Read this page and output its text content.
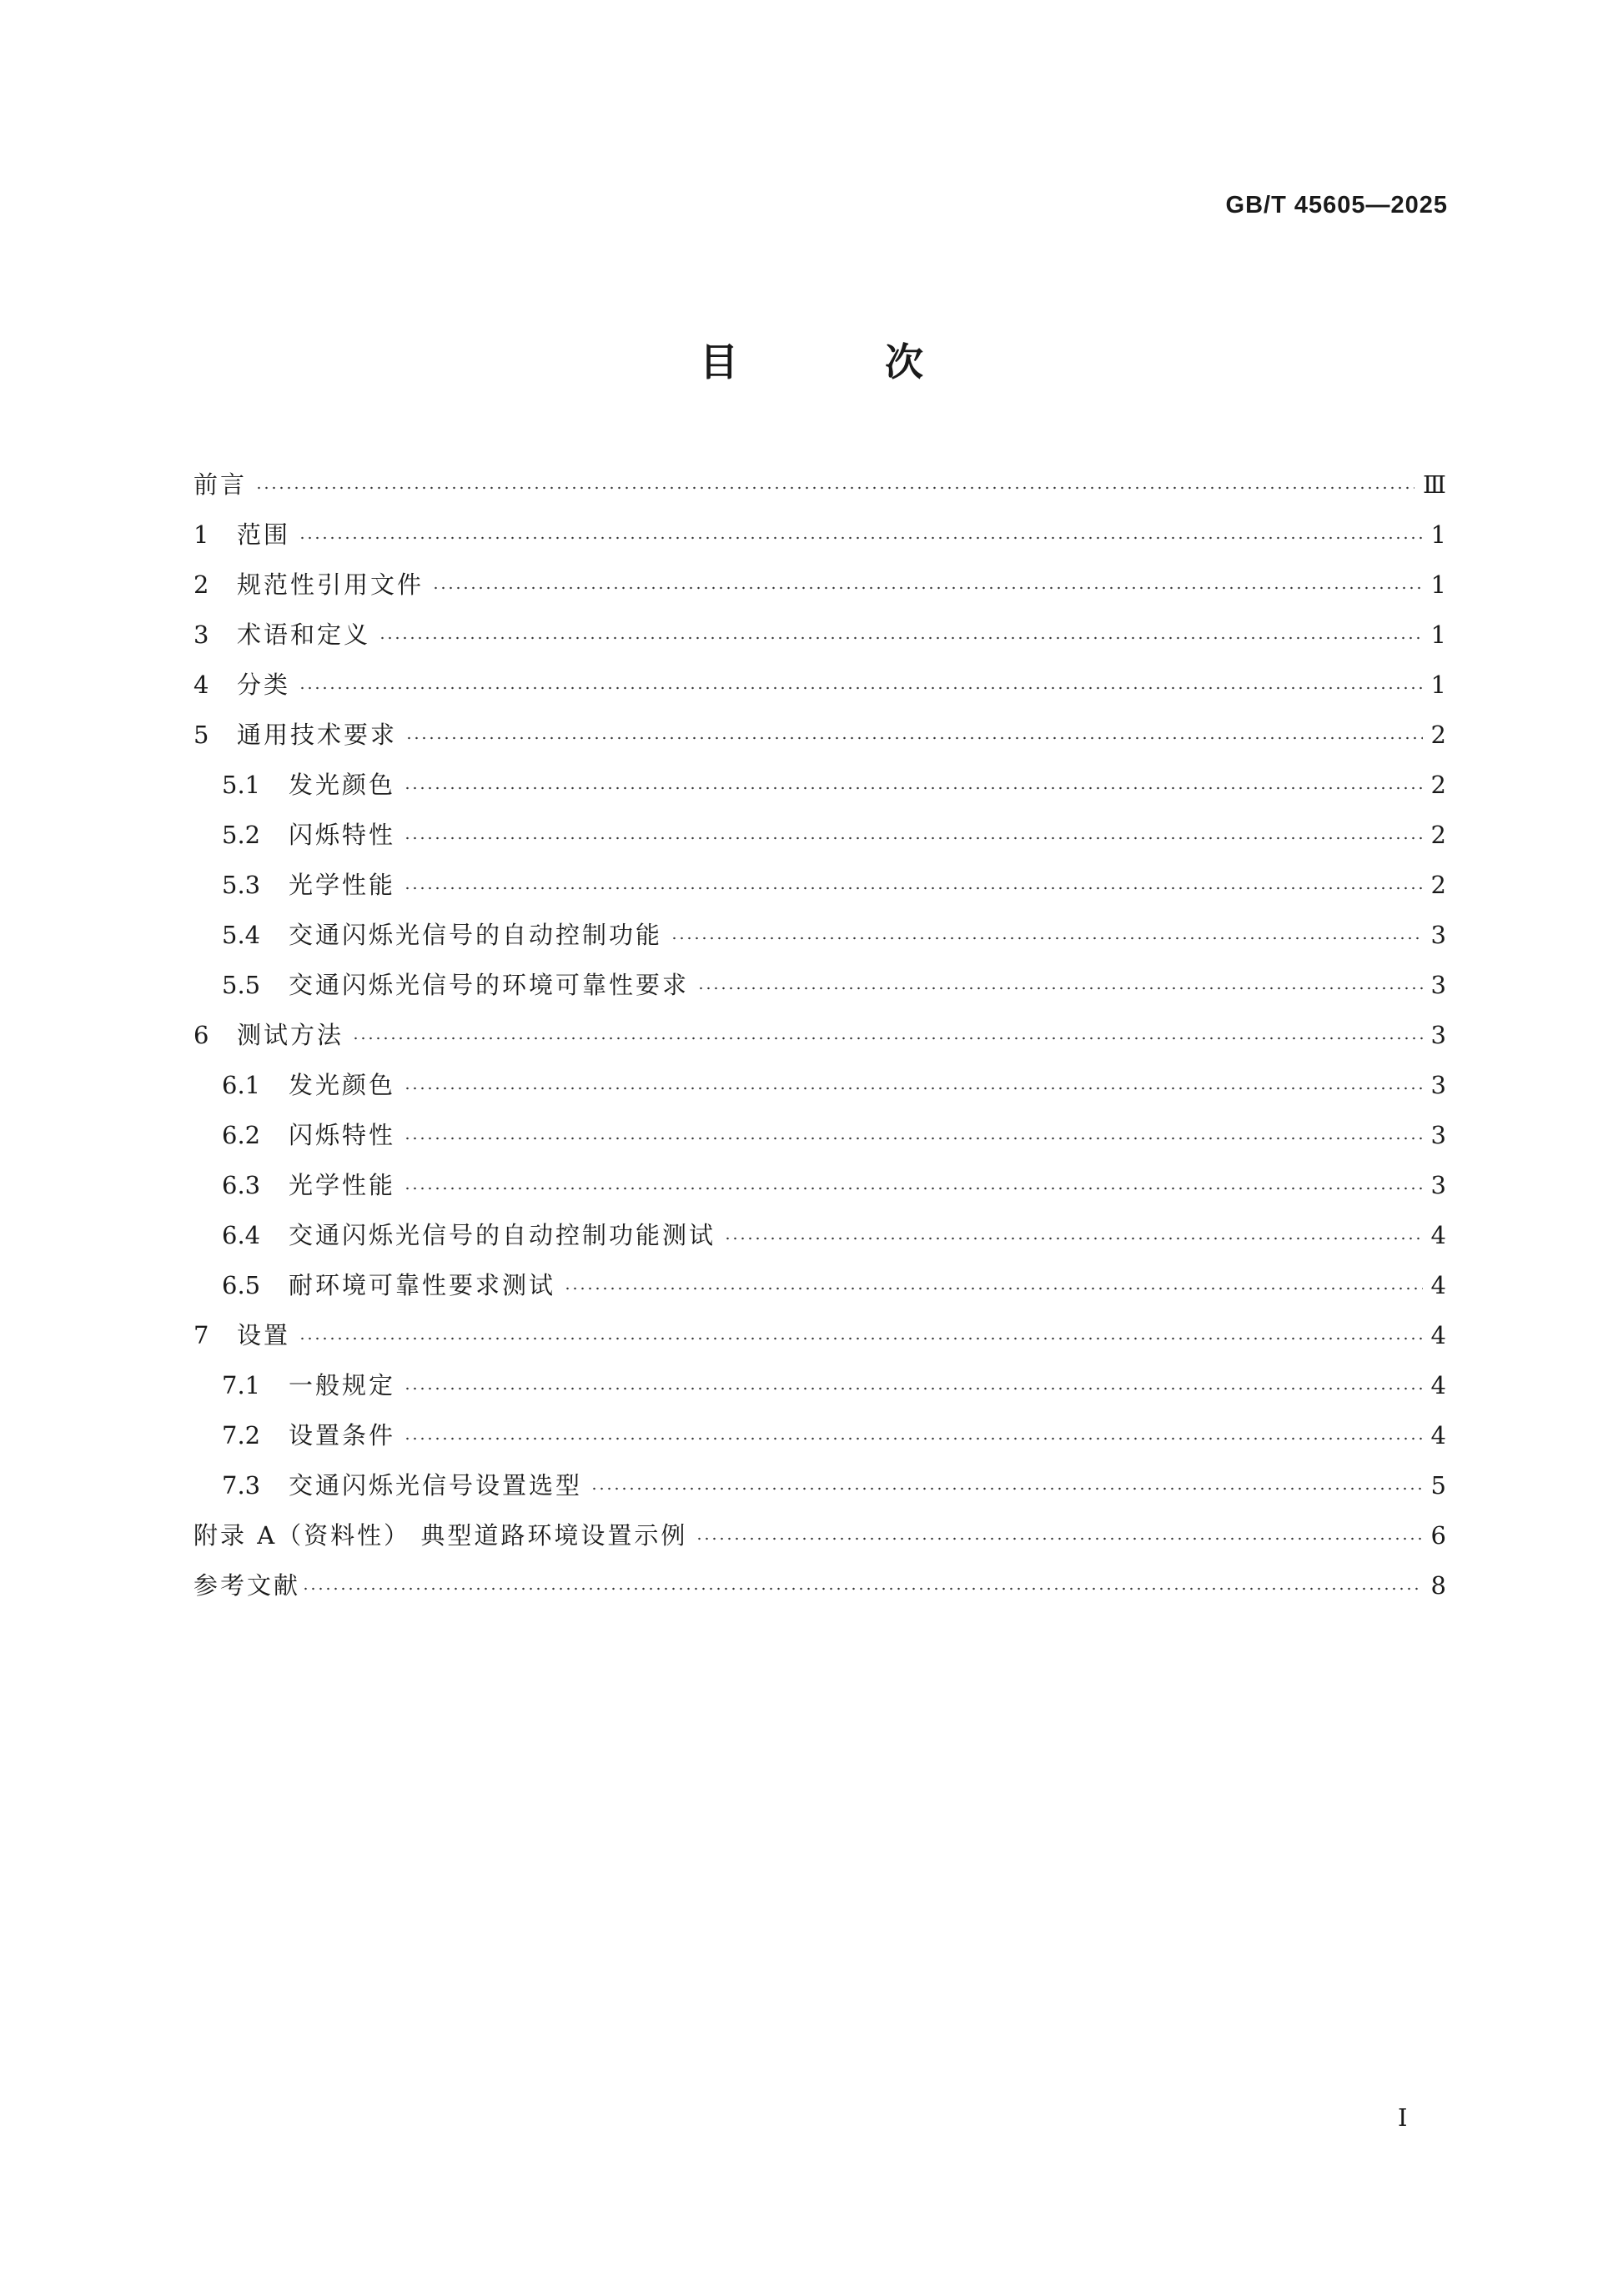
GB/T 45605—2025
目 次
前言	Ⅲ
1	范围	1
2	规范性引用文件	1
3	术语和定义	1
4	分类	1
5	通用技术要求	2
5.1	发光颜色	2
5.2	闪烁特性	2
5.3	光学性能	2
5.4	交通闪烁光信号的自动控制功能	3
5.5	交通闪烁光信号的环境可靠性要求	3
6	测试方法	3
6.1	发光颜色	3
6.2	闪烁特性	3
6.3	光学性能	3
6.4	交通闪烁光信号的自动控制功能测试	4
6.5	耐环境可靠性要求测试	4
7	设置	4
7.1	一般规定	4
7.2	设置条件	4
7.3	交通闪烁光信号设置选型	5
附录 A（资料性） 典型道路环境设置示例	6
参考文献	8
I
